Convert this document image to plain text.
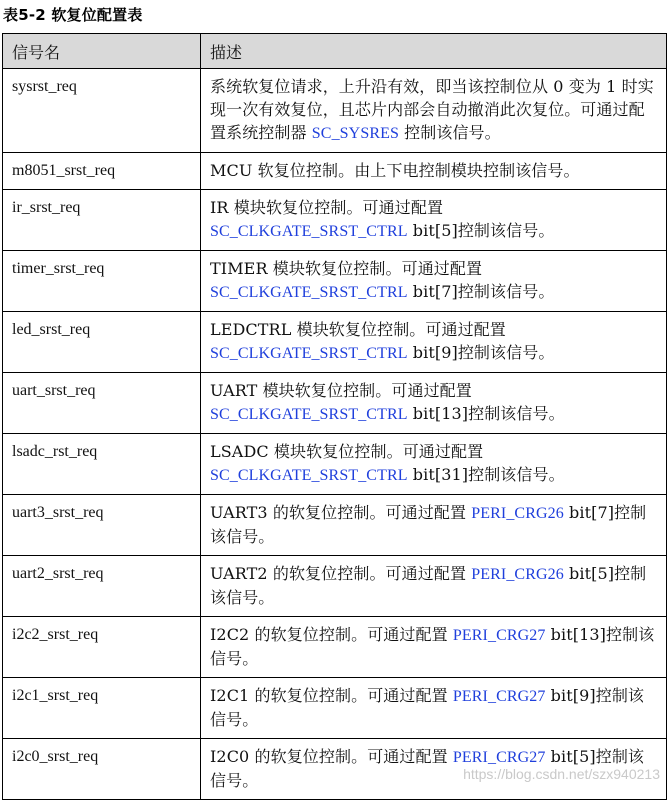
表5-2 软复位配置表
信号名	描述
sysrst_req	系统软复位请求，上升沿有效，即当该控制位从 0 变为 1 时实现一次有效复位，且芯片内部会自动撤消此次复位。可通过配置系统控制器 SC_SYSRES 控制该信号。
m8051_srst_req	MCU 软复位控制。由上下电控制模块控制该信号。
ir_srst_req	IR 模块软复位控制。可通过配置
SC_CLKGATE_SRST_CTRL bit[5]控制该信号。
timer_srst_req	TIMER 模块软复位控制。可通过配置
SC_CLKGATE_SRST_CTRL bit[7]控制该信号。
led_srst_req	LEDCTRL 模块软复位控制。可通过配置
SC_CLKGATE_SRST_CTRL bit[9]控制该信号。
uart_srst_req	UART 模块软复位控制。可通过配置
SC_CLKGATE_SRST_CTRL bit[13]控制该信号。
lsadc_rst_req	LSADC 模块软复位控制。可通过配置
SC_CLKGATE_SRST_CTRL bit[31]控制该信号。
uart3_srst_req	UART3 的软复位控制。可通过配置 PERI_CRG26 bit[7]控制该信号。
uart2_srst_req	UART2 的软复位控制。可通过配置 PERI_CRG26 bit[5]控制该信号。
i2c2_srst_req	I2C2 的软复位控制。可通过配置 PERI_CRG27 bit[13]控制该信号。
i2c1_srst_req	I2C1 的软复位控制。可通过配置 PERI_CRG27 bit[9]控制该信号。
i2c0_srst_req	I2C0 的软复位控制。可通过配置 PERI_CRG27 bit[5]控制该信号。	https://blog.csdn.net/szx940213
